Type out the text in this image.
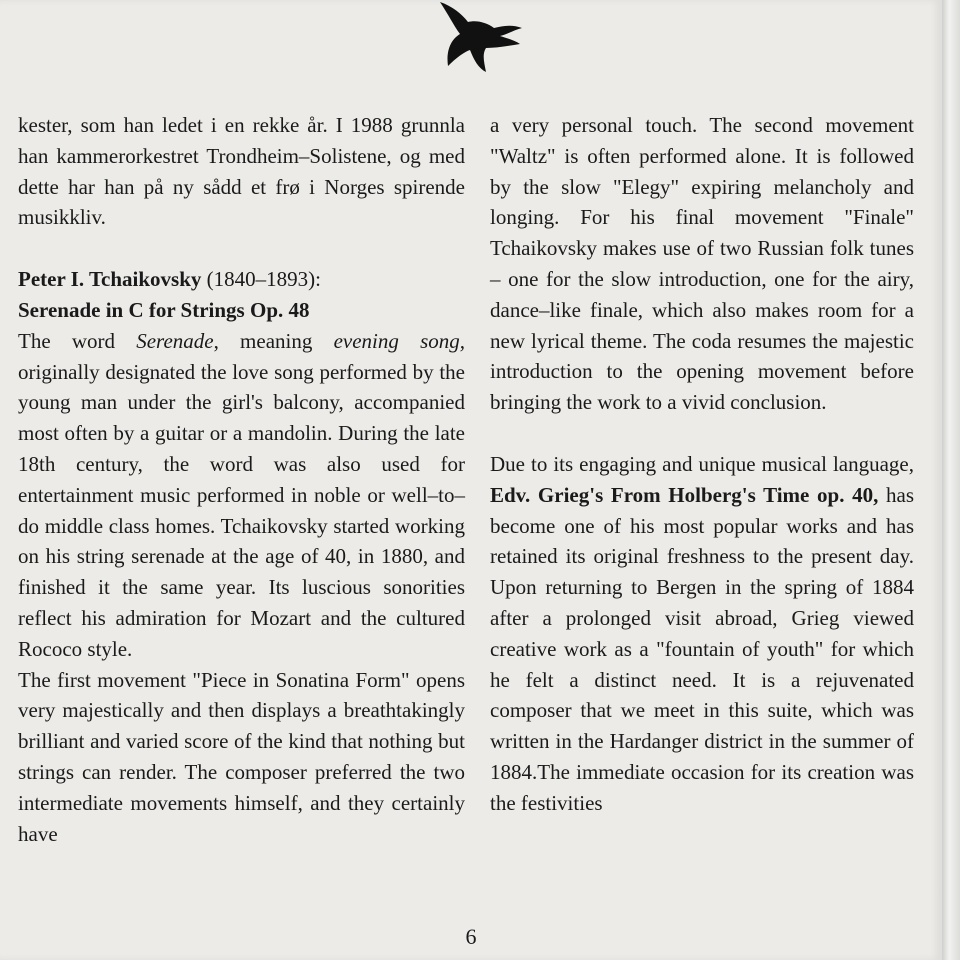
kester, som han ledet i en rekke år. I 1988 grunnla han kammerorkestret Trondheim–Solistene, og med dette har han på ny sådd et frø i Norges spirende musikkliv.

Peter I. Tchaikovsky (1840–1893):

Serenade in C for Strings Op. 48

The word Serenade, meaning evening song, originally designated the love song performed by the young man under the girl's balcony, accompanied most often by a guitar or a mandolin. During the late 18th century, the word was also used for entertainment music performed in noble or well–to–do middle class homes. Tchaikovsky started working on his string serenade at the age of 40, in 1880, and finished it the same year. Its luscious sonorities reflect his admiration for Mozart and the cultured Rococo style.

The first movement "Piece in Sonatina Form" opens very majestically and then displays a breathtakingly brilliant and varied score of the kind that nothing but strings can render. The composer preferred the two intermediate movements himself, and they certainly have

a very personal touch. The second movement "Waltz" is often performed alone. It is followed by the slow "Elegy" expiring melancholy and longing. For his final movement "Finale" Tchaikovsky makes use of two Russian folk tunes – one for the slow introduction, one for the airy, dance–like finale, which also makes room for a new lyrical theme. The coda resumes the majestic introduction to the opening movement before bringing the work to a vivid conclusion.

Due to its engaging and unique musical language, Edv. Grieg's From Holberg's Time op. 40, has become one of his most popular works and has retained its original freshness to the present day. Upon returning to Bergen in the spring of 1884 after a prolonged visit abroad, Grieg viewed creative work as a "fountain of youth" for which he felt a distinct need. It is a rejuvenated composer that we meet in this suite, which was written in the Hardanger district in the summer of 1884.The immediate occasion for its creation was the festivities

6
